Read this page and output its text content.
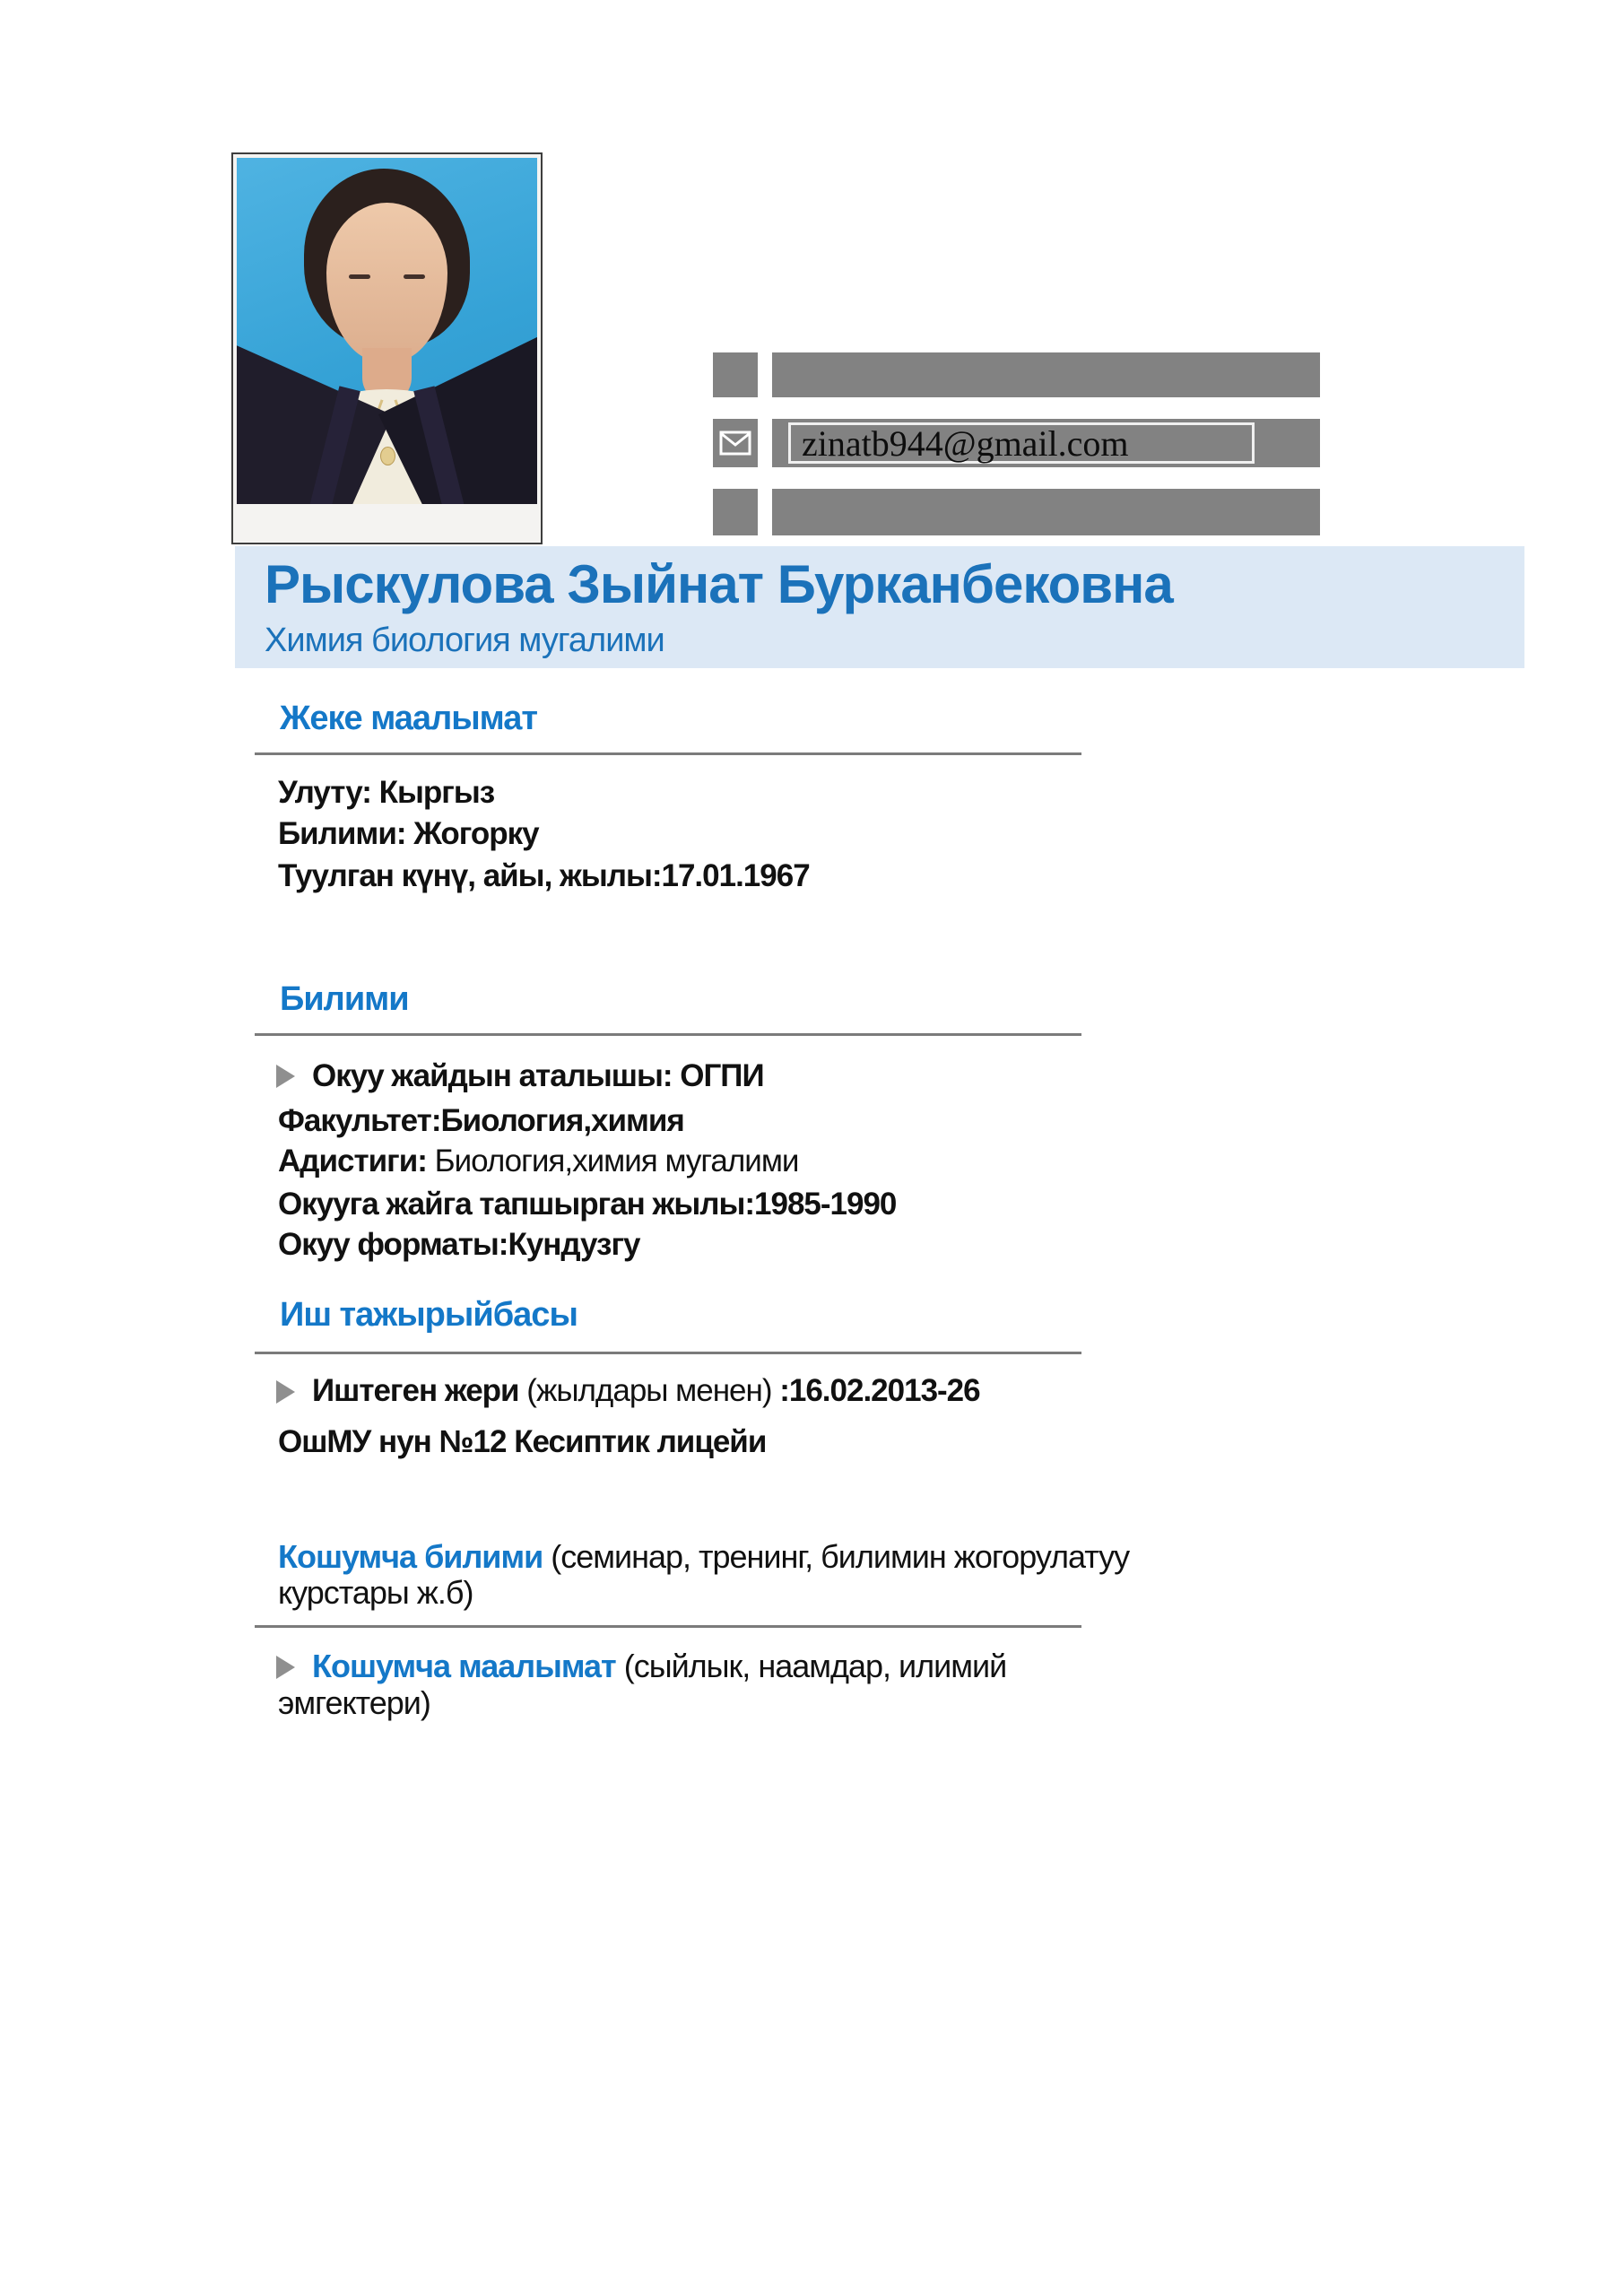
zinatb944@gmail.com
Рыскулова Зыйнат Бурканбековна
Химия биология мугалими
Жеке маалымат
Улуту: Кыргыз
Билими: Жогорку
Туулган күнү, айы, жылы:17.01.1967
Билими
Окуу жайдын аталышы: ОГПИ
Факультет:Биология,химия
Адистиги: Биология,химия мугалими
Окууга жайга тапшырган жылы:1985-1990
Окуу форматы:Кундузгу
Иш тажырыйбасы
Иштеген жери (жылдары менен) :16.02.2013-26
ОшМУ нун №12 Кесиптик лицейи
Кошумча билими (семинар, тренинг, билимин жогорулатуу
курстары ж.б)
Кошумча маалымат (сыйлык, наамдар, илимий
эмгектери)
